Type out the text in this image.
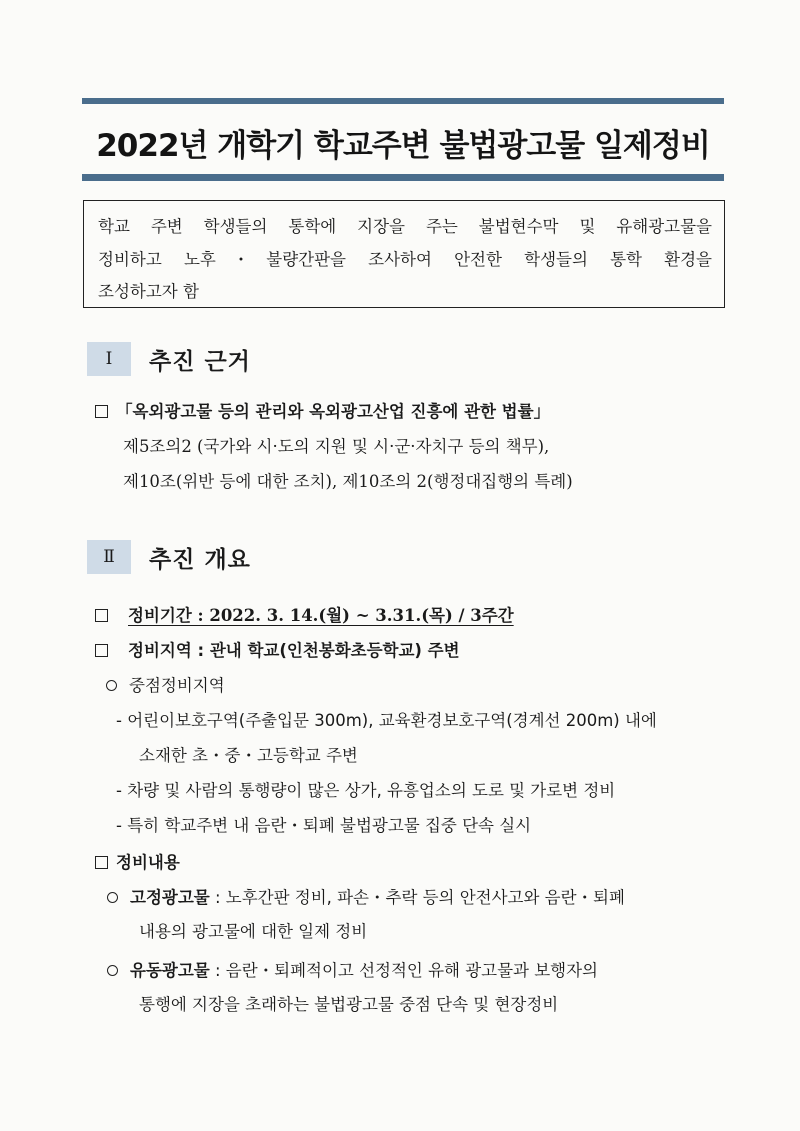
2022년 개학기 학교주변 불법광고물 일제정비
학교 주변 학생들의 통학에 지장을 주는 불법현수막 및 유해광고물을
정비하고 노후・불량간판을 조사하여 안전한 학생들의 통학 환경을
조성하고자 함
Ⅰ	추진 근거
「옥외광고물 등의 관리와 옥외광고산업 진흥에 관한 법률」
제5조의2 (국가와 시·도의 지원 및 시·군·자치구 등의 책무),
제10조(위반 등에 대한 조치), 제10조의 2(행정대집행의 특례)
Ⅱ	추진 개요
정비기간 : 2022. 3. 14.(월) ~ 3.31.(목) / 3주간
정비지역 : 관내 학교(인천봉화초등학교) 주변
중점정비지역
- 어린이보호구역(주출입문 300m), 교육환경보호구역(경계선 200m) 내에
소재한 초・중・고등학교 주변
- 차량 및 사람의 통행량이 많은 상가, 유흥업소의 도로 및 가로변 정비
- 특히 학교주변 내 음란・퇴폐 불법광고물 집중 단속 실시
정비내용
고정광고물 : 노후간판 정비, 파손・추락 등의 안전사고와 음란・퇴폐
내용의 광고물에 대한 일제 정비
유동광고물 : 음란・퇴폐적이고 선정적인 유해 광고물과 보행자의
통행에 지장을 초래하는 불법광고물 중점 단속 및 현장정비
